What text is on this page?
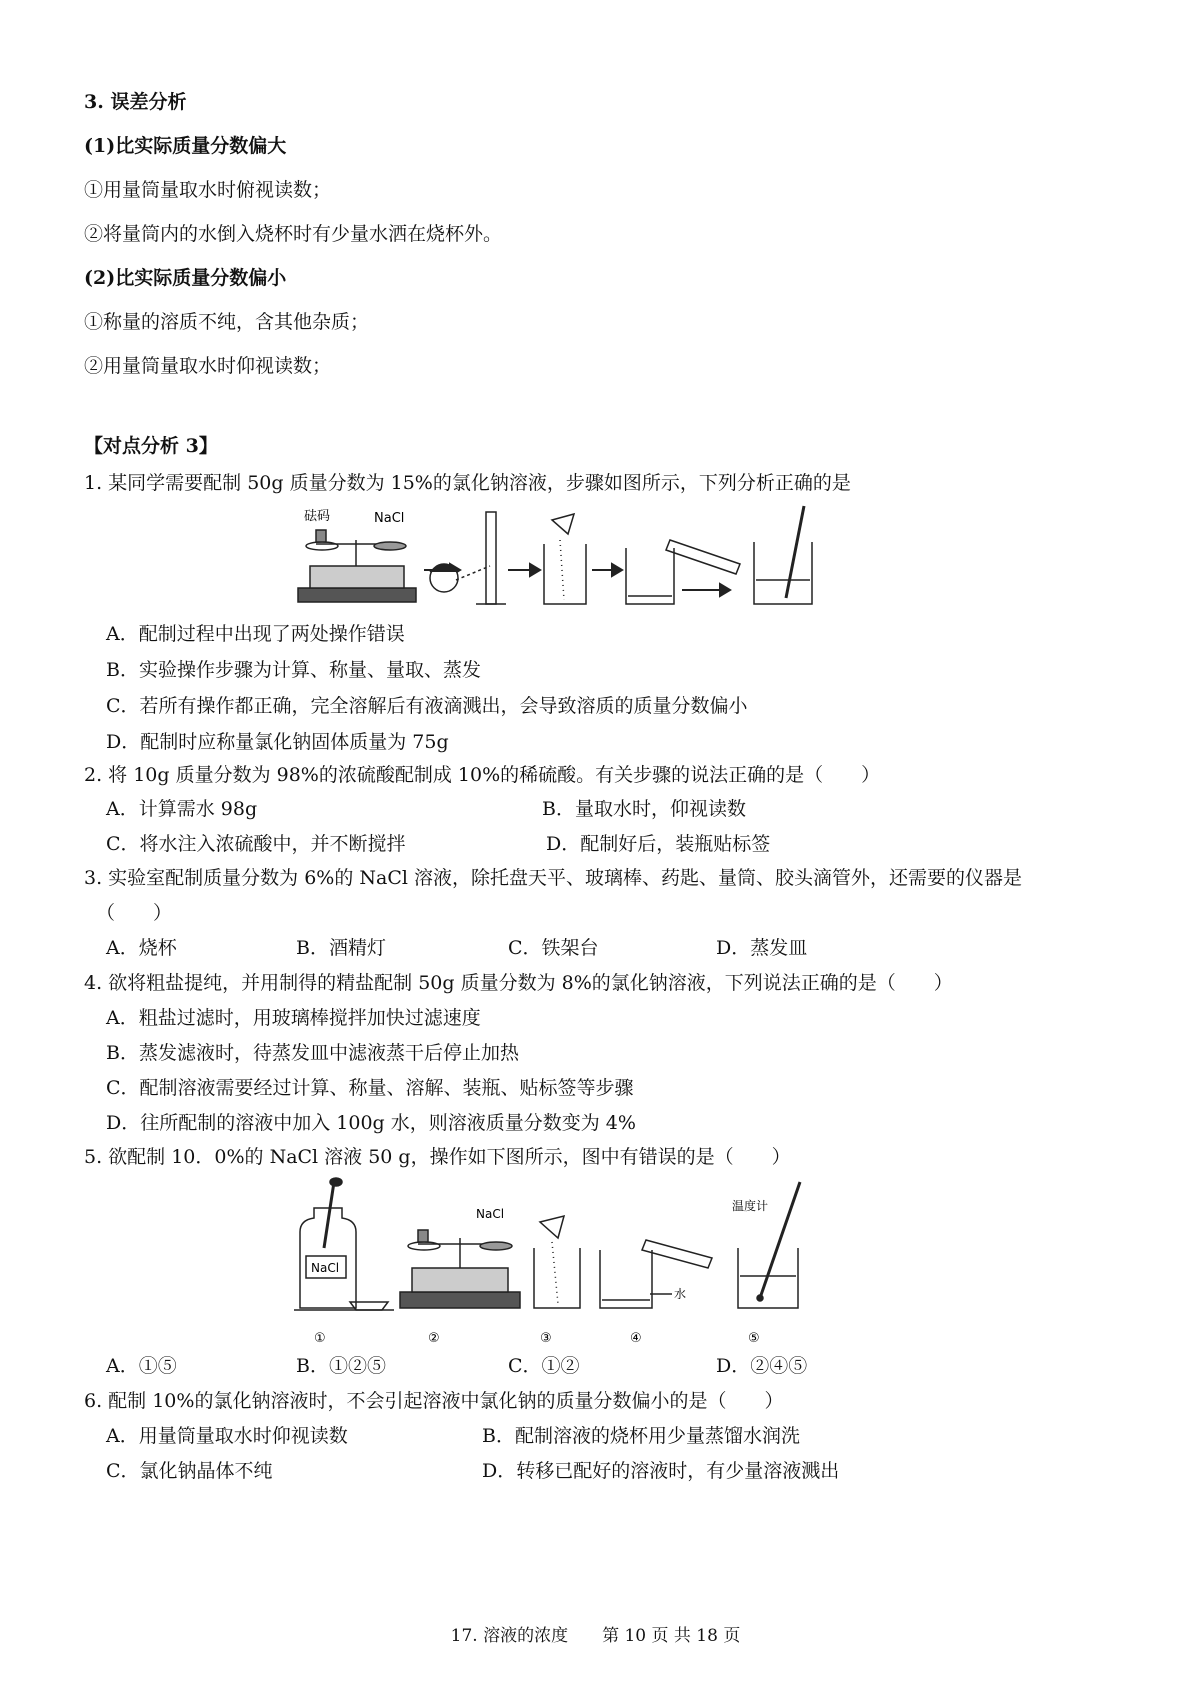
3. 误差分析
(1)比实际质量分数偏大
①用量筒量取水时俯视读数；
②将量筒内的水倒入烧杯时有少量水洒在烧杯外。
(2)比实际质量分数偏小
①称量的溶质不纯，含其他杂质；
②用量筒量取水时仰视读数；
【对点分析 3】
1. 某同学需要配制 50g 质量分数为 15%的氯化钠溶液，步骤如图所示，下列分析正确的是
砝码	NaCl
A．配制过程中出现了两处操作错误
B．实验操作步骤为计算、称量、量取、蒸发
C．若所有操作都正确，完全溶解后有液滴溅出，会导致溶质的质量分数偏小
D．配制时应称量氯化钠固体质量为 75g
2. 将 10g 质量分数为 98%的浓硫酸配制成 10%的稀硫酸。有关步骤的说法正确的是（　　）
A．计算需水 98g	B．量取水时，仰视读数
C．将水注入浓硫酸中，并不断搅拌	D．配制好后，装瓶贴标签
3. 实验室配制质量分数为 6%的 NaCl 溶液，除托盘天平、玻璃棒、药匙、量筒、胶头滴管外，还需要的仪器是
（　　）
A．烧杯	B．酒精灯	C．铁架台	D．蒸发皿
4. 欲将粗盐提纯，并用制得的精盐配制 50g 质量分数为 8%的氯化钠溶液，下列说法正确的是（　　）
A．粗盐过滤时，用玻璃棒搅拌加快过滤速度
B．蒸发滤液时，待蒸发皿中滤液蒸干后停止加热
C．配制溶液需要经过计算、称量、溶解、装瓶、贴标签等步骤
D．往所配制的溶液中加入 100g 水，则溶液质量分数变为 4%
5. 欲配制 10．0%的 NaCl 溶液 50 g，操作如下图所示，图中有错误的是（　　）
NaCl
NaCl
水
温度计
①	②	③	④	⑤
A．①⑤	B．①②⑤	C．①②	D．②④⑤
6. 配制 10%的氯化钠溶液时，不会引起溶液中氯化钠的质量分数偏小的是（　　）
A．用量筒量取水时仰视读数	B．配制溶液的烧杯用少量蒸馏水润洗
C．氯化钠晶体不纯	D．转移已配好的溶液时，有少量溶液溅出
17. 溶液的浓度　　第 10 页 共 18 页
